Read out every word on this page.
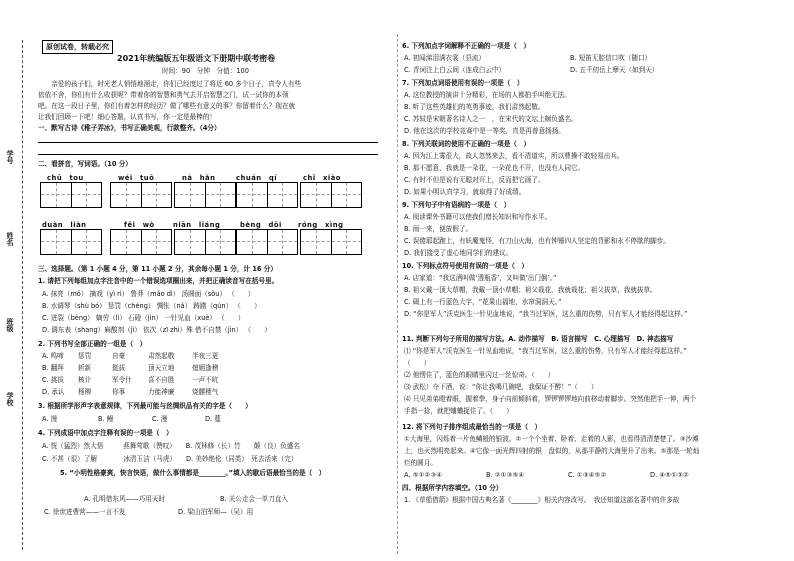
学号
姓名
班级
学校
原创试卷，转载必究
2021年统编版五年级语文下册期中联考密卷
时间：90　分钟　分值：100
　　亲爱的孩子们，时光老人悄悄地溜走，你们已经度过了将近 60 多个日子，真令人有些
依依不舍，你们有什么收获呢？带着你的智慧和勇气去开启智慧之门，试一试你的本领
吧。在这一段日子里，你们有着怎样的经历？做了哪些有意义的事？你留着什么？现在就
让我们回顾一下吧！细心答题，认真书写，你一定是最棒的！
一、默写古诗《稚子弄冰》，书写正确美观，行款整齐。（4分）
二、看拼音，写词语。（10 分）
chū　tou	wéi　tuō	nà　hǎn	chuán　qí	chǐ　xiào
duàn　liàn	fěi　wò	niān　liáng	bèng　dōi róng　xìng
三、选择题。（第 1 小题 4 分，第 11 小题 2 分，其余每小题 1 分，计 16 分）
1. 请把下列每组加点字注音中的一个错误选项圈出来，并把正确读音写在括号里。
A. 抹亮（mǒ） 摘戏（yì rì） 鲁莽（mǎo dì） 汤圆面（sǒu） （　　）
B. 水调琴（shù bó） 惩罚（chéng） 惆怅（nǎ） 踌躇（qún） （　　）
C. 迸裂（bèng） 嫡劳（lì） 石磴（jìn） 一针见血（xuè） （　　）
D. 调东表（shang）麻酸剂（jì） 依次（zī zhì）殊 借不自禁（jìn） （　　）
2. 下列书写全部正确的一组是（　）
A. 鸣啼 惩罚	自豪	肃然起敬	半夜三更
B. 翻拜 斩新	挺拔	顶天立地	熄姻逢稽
C. 挑拔 核计	军令什 喜不自胜	一声不吭
D. 承认 杨柳	你事	力能神廉	烧腰梗气
3. 根据所学形声字表意规律，下列最可能与丝绸织品有关的字是（　　）
A. 馒	B. 鳗	C. 漫	D. 蔓
4. 下列成语中加点字注释有误的一项是（　）
A. 恍（猛烈）然大悟　　　燕舞莺歌（赞叹）　　B. 茂林修（长）竹　　颠（良）负盛名
C. 不甚（很）了解　　　　冰清玉洁（马虎）　　D. 美妙绝伦（同类）　死去活来（完）
5. “小明性格豪爽，快言快语，做什么事情都是________。”填入的歇后语最恰当的是（　）
A. 孔明借东风——巧用天时	B. 关公走会一单刀直入
C. 徐庶进曹营——一言不发	D. 梁山泊军师—（吴）用
6. 下列加点字词解释不正确的一项是（　）
A. 初闻涕泪满衣裳（县流）	B. 短笛无腔信口吹（随口）
C. 青词注上白云间（连成白云中）	D. 五千仞岳上摩天（如到天）
7. 下列加点词语使用有误的一项是（　）
A. 这位教授的演讲十分精彩，在场的人都拍手叫绝无法。
B. 听了这些英雄们的英勇事迹，我们肃然起敬。
C. 苏轼是宋朝著名诗人之一　，在宋代的文坛上颇负盛名。
D. 他在这次的学校竞赛中是一等奖，真是再普意扬扬。
8. 下列关联词的使用不正确的一项是（　）
A. 因为江上雾很大，故人忽然来去，看不清道实，所以曹操不敢轻易出兵。
B. 那不愿意，我就是一朵花，一朵花也不开，也没有人同它。
C. 有时不但是说有无聪对开上，反而把它画了。
D. 如果小明认真学习，就取得了好成绩。
9. 下列句子中有语病的一项是（　）
A. 阅读课外书籍可以使我们增长知识和写作水平。
B. 雨一来，便放假了。
C. 误傻耶起跑上，有妖魔鬼怪，有刀山火海，也有钟锤四人坚定的背影和永不停歇的脚步。
D. 我们接受了虚心地同学们的建议。
10. 下列标点符号使用有误的一项是（　）
A. 店家道：“我这酒叫做‘透瓶香’，又叫做‘出门倒’。”
B. 祖父戴一顶大草帽，我戴一顶小草帽；祖父栽花，我就栽花；祖父拔草，我就拔草。
C. 碣上有一行蓝色大字，“花果山福地，水帘洞洞天。”
D. “你是军人”沃克医生一针见血地说，“我当过军医，这么重的伤势，只有军人才能经得起这样。”
11. 判断下列句子所用的描写方法。A. 动作描写　B. 语言描写　C. 心理描写　D. 神态描写
⑴ “你是军人”沃克医生一针见血地说，“我当过军医，这么重的伤势，只有军人才能经得起这样。”
（　　）
⑵ 他愣住了，蓝色的眼睛里闪过一丝惊奇。（　　）
⑶ 武松）夺下酒，说：“你让我喝几碗吧，我保证不醉！”（　　）
⑷ 只见弟弟瞪着眼，握着拳，身子向前倾斜着，锣锣锣锣地向前移动着脚步。突然他把手一伸，两个
手指一捻，就把蛐蛐捉住了。（　　）
12. 将下列句子排序组成最恰当的一项是（　）
①大海里，闪烁着一片鱼鳞般的银波。②一个个坐着、卧着、走着的人影，也看得清清楚楚了。③沙滩
上，也灭然明亮起来。④它像一面光辉四射的银　盘似的，从那平静的大海里升了出来。⑤那是一轮灿
烂的圆月。
A. ⑤①②③④	B. ②①③⑤④	C. ①③④⑤②	D. ④⑤①③②
四、根据所学内容填空。（10 分）
1. 《草船借箭》根据中国古典名著《________》相关内容改写。　我还知道这部名著中的许多故
